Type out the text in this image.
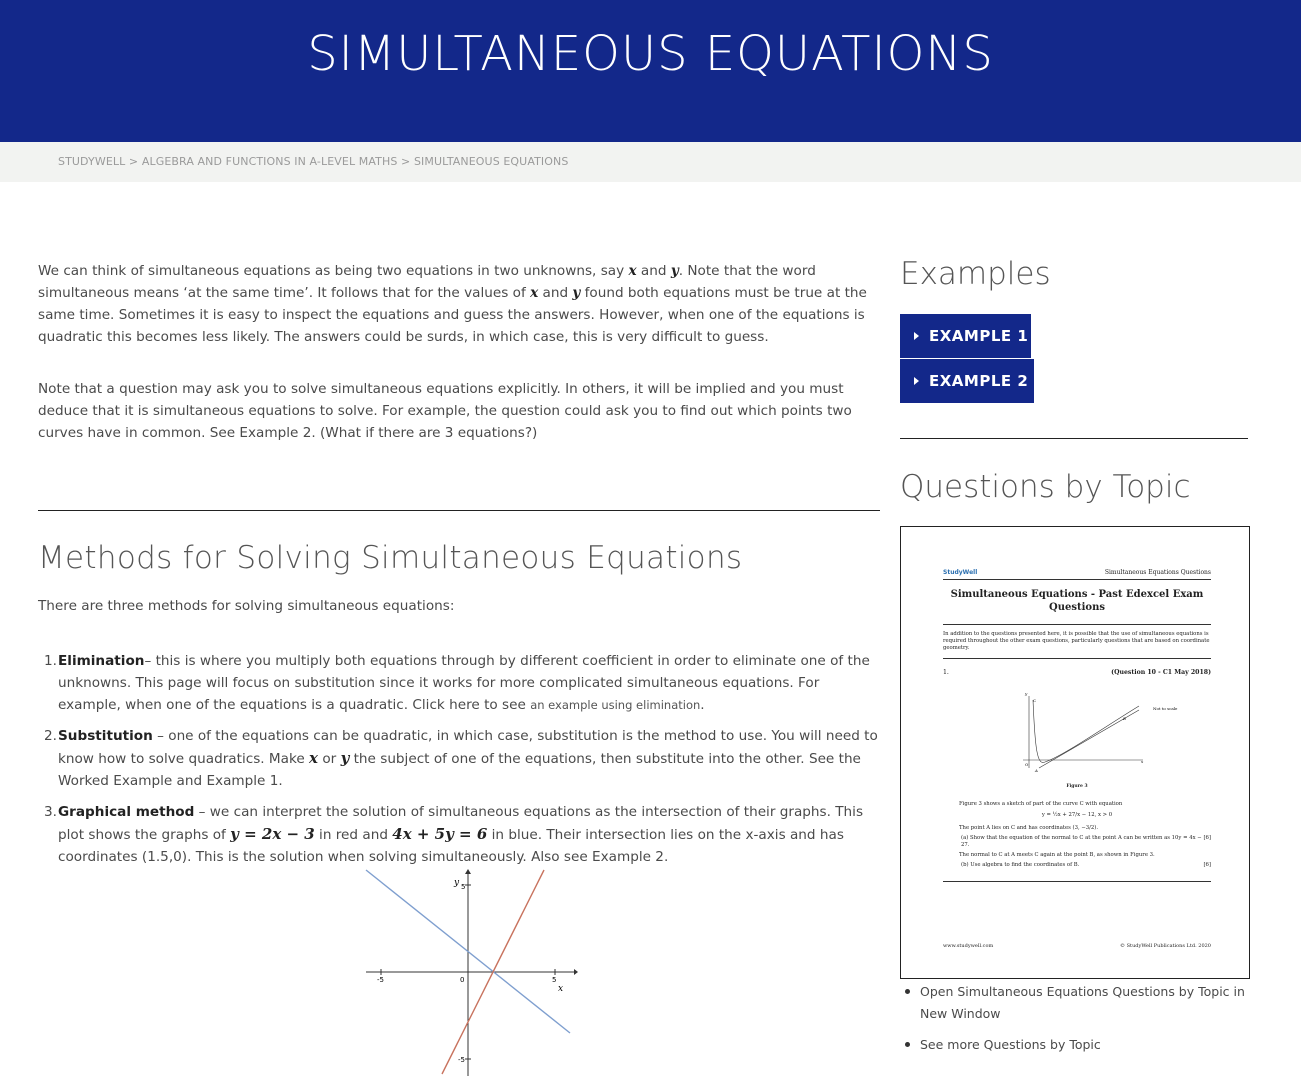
SIMULTANEOUS EQUATIONS
STUDYWELL > ALGEBRA AND FUNCTIONS IN A-LEVEL MATHS > SIMULTANEOUS EQUATIONS

We can think of simultaneous equations as being two equations in two unknowns, say x and y. Note that the word simultaneous means ‘at the same time’. It follows that for the values of x and y found both equations must be true at the same time. Sometimes it is easy to inspect the equations and guess the answers. However, when one of the equations is quadratic this becomes less likely. The answers could be surds, in which case, this is very difficult to guess.

Note that a question may ask you to solve simultaneous equations explicitly. In others, it will be implied and you must deduce that it is simultaneous equations to solve. For example, the question could ask you to find out which points two curves have in common. See Example 2. (What if there are 3 equations?)

Methods for Solving Simultaneous Equations

There are three methods for solving simultaneous equations:

1. Elimination– this is where you multiply both equations through by different coefficient in order to eliminate one of the unknowns. This page will focus on substitution since it works for more complicated simultaneous equations. For example, when one of the equations is a quadratic. Click here to see an example using elimination.
2. Substitution – one of the equations can be quadratic, in which case, substitution is the method to use. You will need to know how to solve quadratics. Make x or y the subject of one of the equations, then substitute into the other. See the Worked Example and Example 1.
3. Graphical method – we can interpret the solution of simultaneous equations as the intersection of their graphs. This plot shows the graphs of y = 2x − 3 in red and 4x + 5y = 6 in blue. Their intersection lies on the x-axis and has coordinates (1.5,0). This is the solution when solving simultaneously. Also see Example 2.
y
x
-5	5
5
-5
0
Examples
EXAMPLE 1
EXAMPLE 2
Questions by Topic
StudyWell	Simultaneous Equations Questions
Simultaneous Equations - Past Edexcel Exam Questions
In addition to the questions presented here, it is possible that the use of simultaneous equations is required throughout the other exam questions, particularly questions that are based on coordinate geometry.
1.	(Question 10 - C1 May 2018)
C
B
O
A
x
y
Not to scale
Figure 3
Figure 3 shows a sketch of part of the curve C with equation
y = ½x + 27/x − 12, x > 0
The point A lies on C and has coordinates (3, −3/2).
(a) Show that the equation of the normal to C at the point A can be written as 10y = 4x − 27.
[6]
The normal to C at A meets C again at the point B, as shown in Figure 3.
(b) Use algebra to find the coordinates of B.	[6]
www.studywell.com	© StudyWell Publications Ltd. 2020
Open Simultaneous Equations Questions by Topic in New Window
See more Questions by Topic
